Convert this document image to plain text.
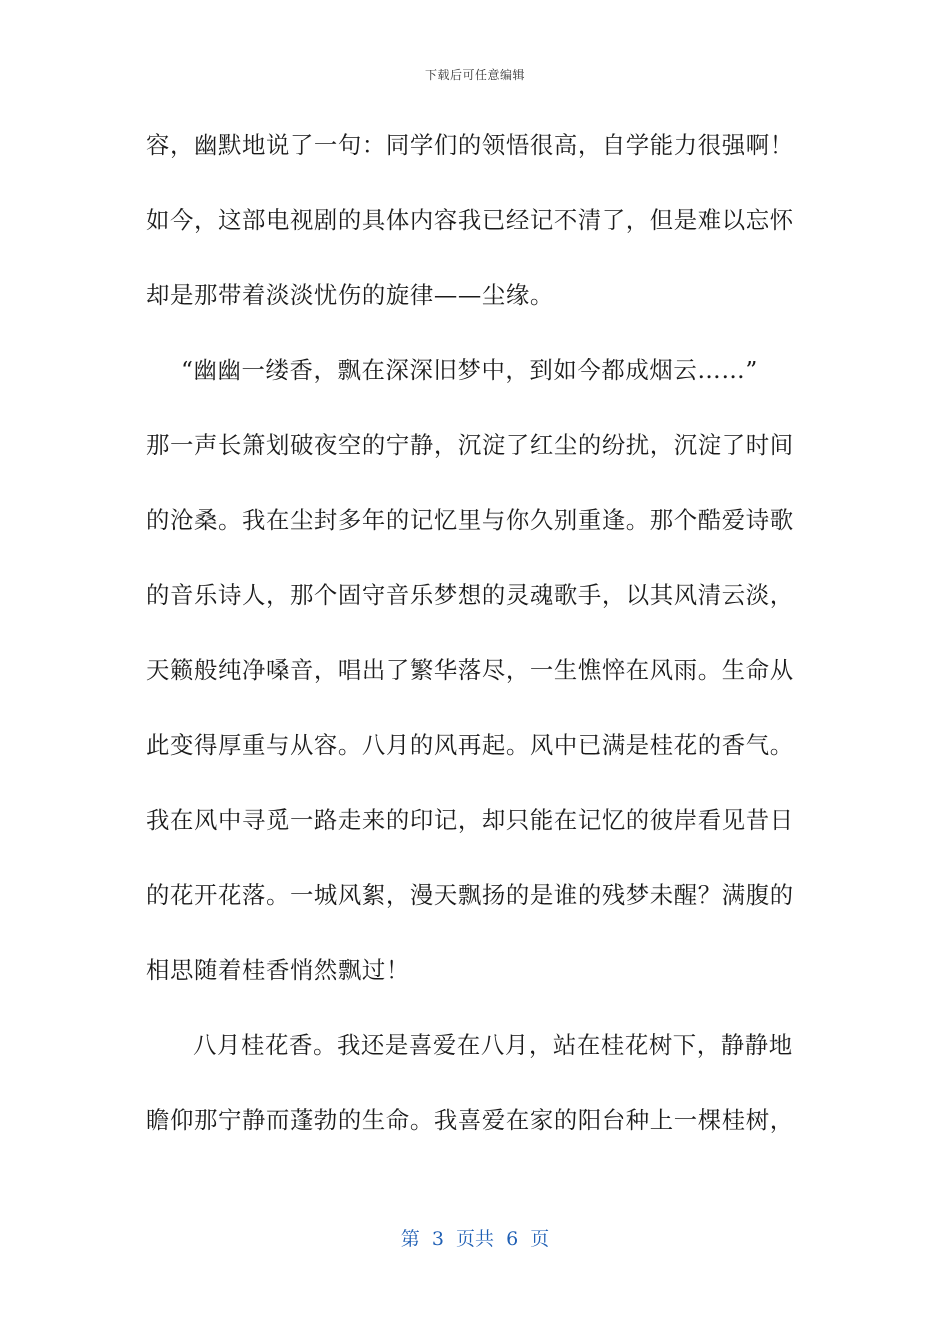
下载后可任意编辑
容，幽默地说了一句：同学们的领悟很高，自学能力很强啊！
如今，这部电视剧的具体内容我已经记不清了，但是难以忘怀
却是那带着淡淡忧伤的旋律——尘缘。
“幽幽一缕香，飘在深深旧梦中，到如今都成烟云……”
那一声长箫划破夜空的宁静，沉淀了红尘的纷扰，沉淀了时间
的沧桑。我在尘封多年的记忆里与你久别重逢。那个酷爱诗歌
的音乐诗人，那个固守音乐梦想的灵魂歌手，以其风清云淡，
天籁般纯净嗓音，唱出了繁华落尽，一生憔悴在风雨。生命从
此变得厚重与从容。八月的风再起。风中已满是桂花的香气。
我在风中寻觅一路走来的印记，却只能在记忆的彼岸看见昔日
的花开花落。一城风絮，漫天飘扬的是谁的残梦未醒？满腹的
相思随着桂香悄然飘过！
八月桂花香。我还是喜爱在八月，站在桂花树下，静静地
瞻仰那宁静而蓬勃的生命。我喜爱在家的阳台种上一棵桂树，
第  3  页共  6  页
